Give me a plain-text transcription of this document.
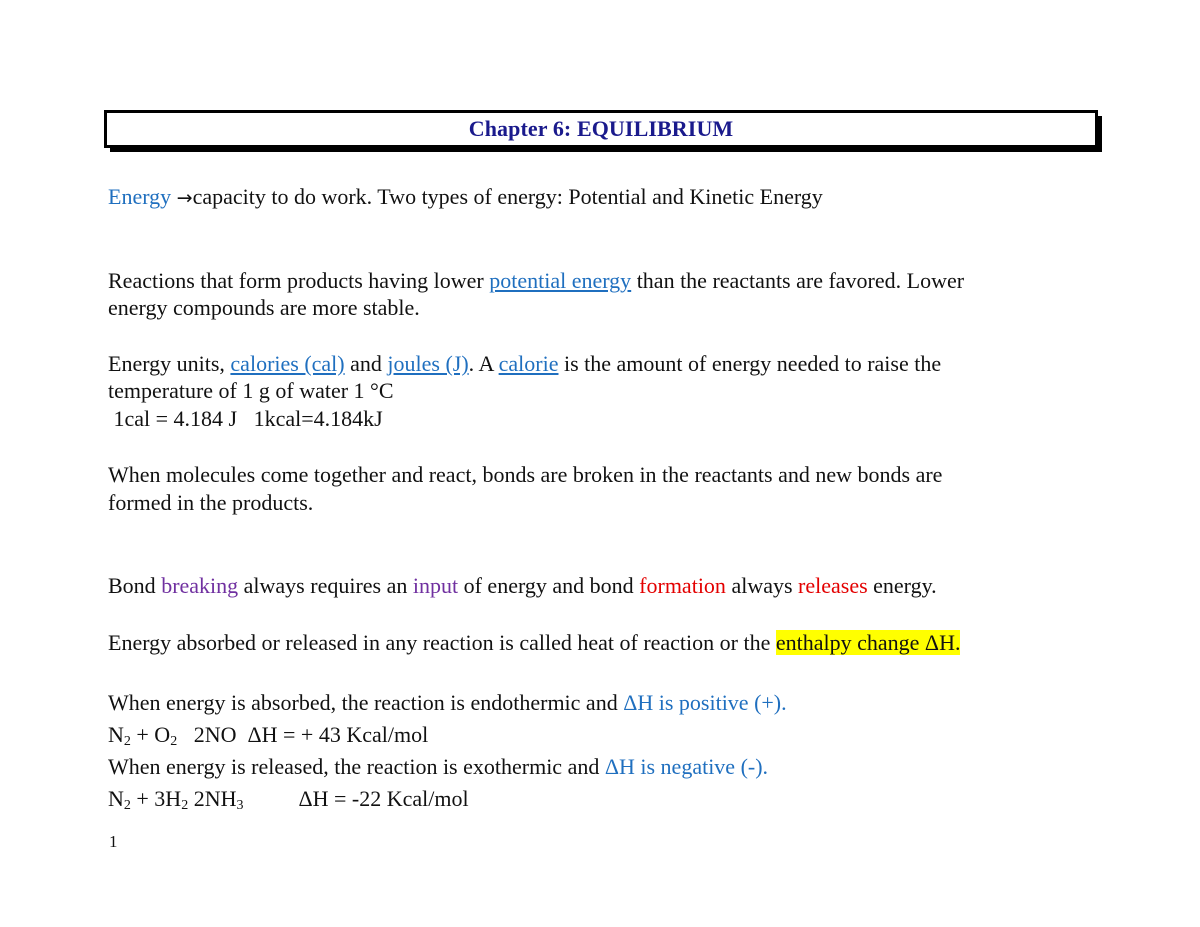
Chapter 6: EQUILIBRIUM
Energy →capacity to do work. Two types of energy: Potential and Kinetic Energy
Reactions that form products having lower potential energy than the reactants are favored. Lower
energy compounds are more stable.
Energy units, calories (cal) and joules (J). A calorie is the amount of energy needed to raise the
temperature of 1 g of water 1 °C
1cal = 4.184 J   1kcal=4.184kJ
When molecules come together and react, bonds are broken in the reactants and new bonds are
formed in the products.
Bond breaking always requires an input of energy and bond formation always releases energy.
Energy absorbed or released in any reaction is called heat of reaction or the enthalpy change ΔH.
When energy is absorbed, the reaction is endothermic and ΔH is positive (+).
$N_2 + O_2$   2NO  ΔH = + 43 Kcal/mol
When energy is released, the reaction is exothermic and ΔH is negative (-).
$N_2 + 3H_2$ $2NH_3$          ΔH = -22 Kcal/mol
1
